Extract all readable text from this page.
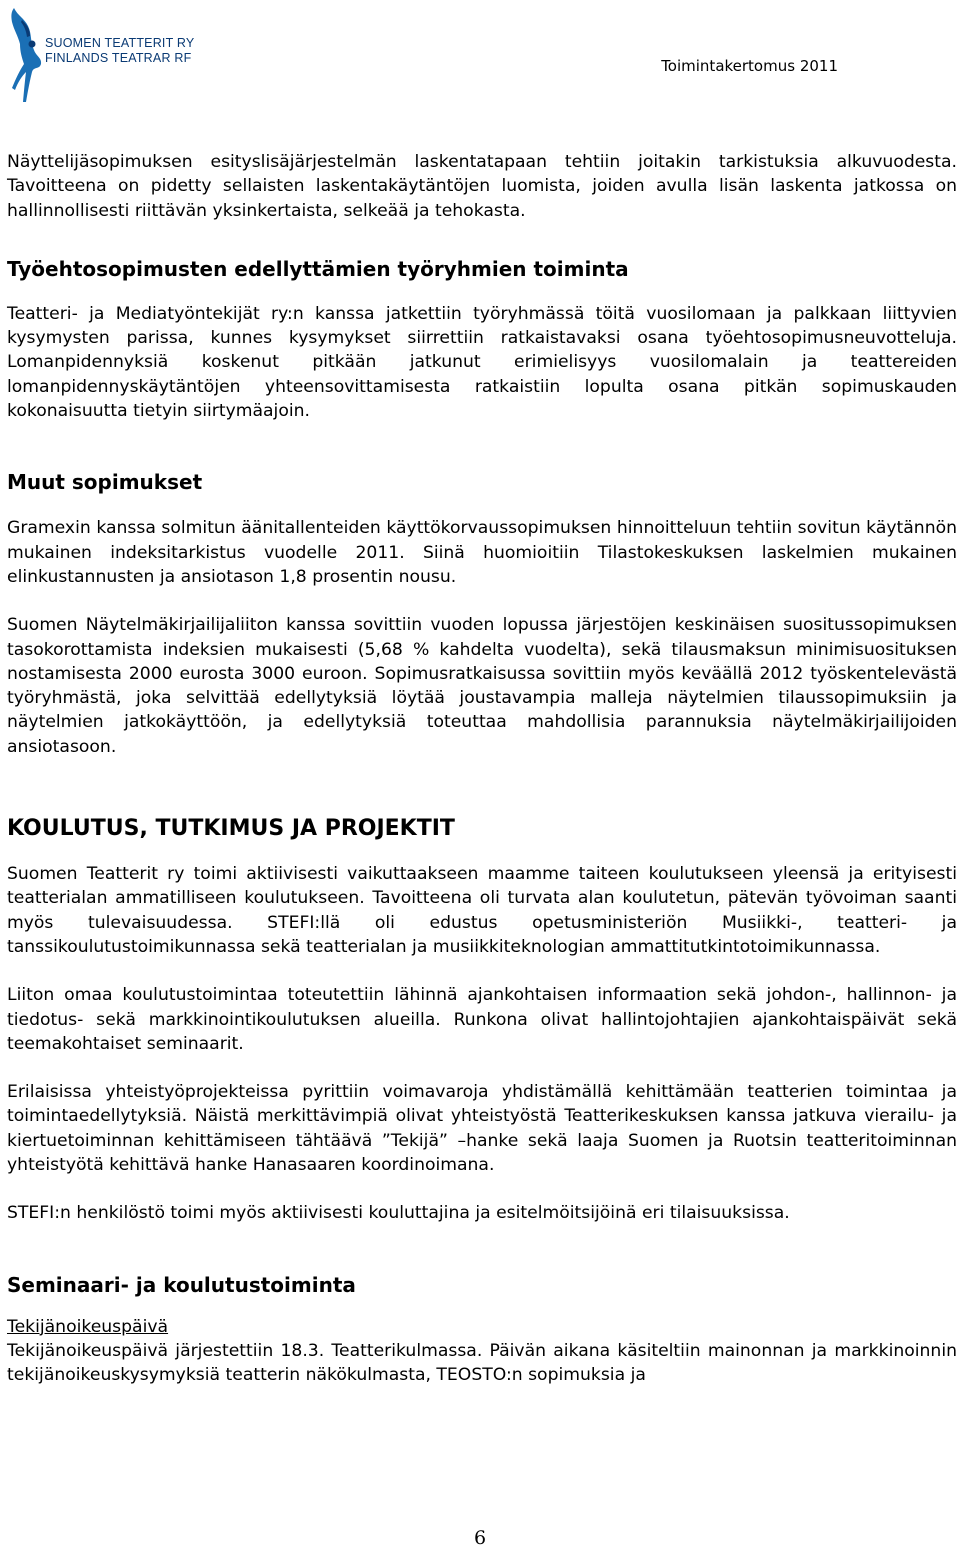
SUOMEN TEATTERIT RY
FINLANDS TEATRAR RF	Toimintakertomus 2011

Näyttelijäsopimuksen esityslisäjärjestelmän laskentatapaan tehtiin joitakin tarkistuksia alkuvuodesta. Tavoitteena on pidetty sellaisten laskentakäytäntöjen luomista, joiden avulla lisän laskenta jatkossa on hallinnollisesti riittävän yksinkertaista, selkeää ja tehokasta.

Työehtosopimusten edellyttämien työryhmien toiminta

Teatteri- ja Mediatyöntekijät ry:n kanssa jatkettiin työryhmässä töitä vuosilomaan ja palkkaan liittyvien kysymysten parissa, kunnes kysymykset siirrettiin ratkaistavaksi osana työehtosopimusneuvotteluja. Lomanpidennyksiä koskenut pitkään jatkunut erimielisyys vuosilomalain ja teattereiden lomanpidennyskäytäntöjen yhteensovittamisesta ratkaistiin lopulta osana pitkän sopimuskauden kokonaisuutta tietyin siirtymäajoin.

Muut sopimukset

Gramexin kanssa solmitun äänitallenteiden käyttökorvaussopimuksen hinnoitteluun tehtiin sovitun käytännön mukainen indeksitarkistus vuodelle 2011. Siinä huomioitiin Tilastokeskuksen laskelmien mukainen elinkustannusten ja ansiotason 1,8 prosentin nousu.

Suomen Näytelmäkirjailijaliiton kanssa sovittiin vuoden lopussa järjestöjen keskinäisen suositussopimuksen tasokorottamista indeksien mukaisesti (5,68 % kahdelta vuodelta), sekä tilausmaksun minimisuosituksen nostamisesta 2000 eurosta 3000 euroon. Sopimusratkaisussa sovittiin myös keväällä 2012 työskentelevästä työryhmästä, joka selvittää edellytyksiä löytää joustavampia malleja näytelmien tilaussopimuksiin ja näytelmien jatkokäyttöön, ja edellytyksiä toteuttaa mahdollisia parannuksia näytelmäkirjailijoiden ansiotasoon.

KOULUTUS, TUTKIMUS JA PROJEKTIT

Suomen Teatterit ry toimi aktiivisesti vaikuttaakseen maamme taiteen koulutukseen yleensä ja erityisesti teatterialan ammatilliseen koulutukseen. Tavoitteena oli turvata alan koulutetun, pätevän työvoiman saanti myös tulevaisuudessa. STEFI:llä oli edustus opetusministeriön Musiikki-, teatteri- ja tanssikoulutustoimikunnassa sekä teatterialan ja musiikkiteknologian ammattitutkintotoimikunnassa.

Liiton omaa koulutustoimintaa toteutettiin lähinnä ajankohtaisen informaation sekä johdon-, hallinnon- ja tiedotus- sekä markkinointikoulutuksen alueilla. Runkona olivat hallintojohtajien ajankohtaispäivät sekä teemakohtaiset seminaarit.

Erilaisissa yhteistyöprojekteissa pyrittiin voimavaroja yhdistämällä kehittämään teatterien toimintaa ja toimintaedellytyksiä. Näistä merkittävimpiä olivat yhteistyöstä Teatterikeskuksen kanssa jatkuva vierailu- ja kiertuetoiminnan kehittämiseen tähtäävä ”Tekijä” –hanke sekä laaja Suomen ja Ruotsin teatteritoiminnan yhteistyötä kehittävä hanke Hanasaaren koordinoimana.

STEFI:n henkilöstö toimi myös aktiivisesti kouluttajina ja esitelmöitsijöinä eri tilaisuuksissa.

Seminaari- ja koulutustoiminta

Tekijänoikeuspäivä

Tekijänoikeuspäivä järjestettiin 18.3. Teatterikulmassa. Päivän aikana käsiteltiin mainonnan ja markkinoinnin tekijänoikeuskysymyksiä teatterin näkökulmasta, TEOSTO:n sopimuksia ja

6
